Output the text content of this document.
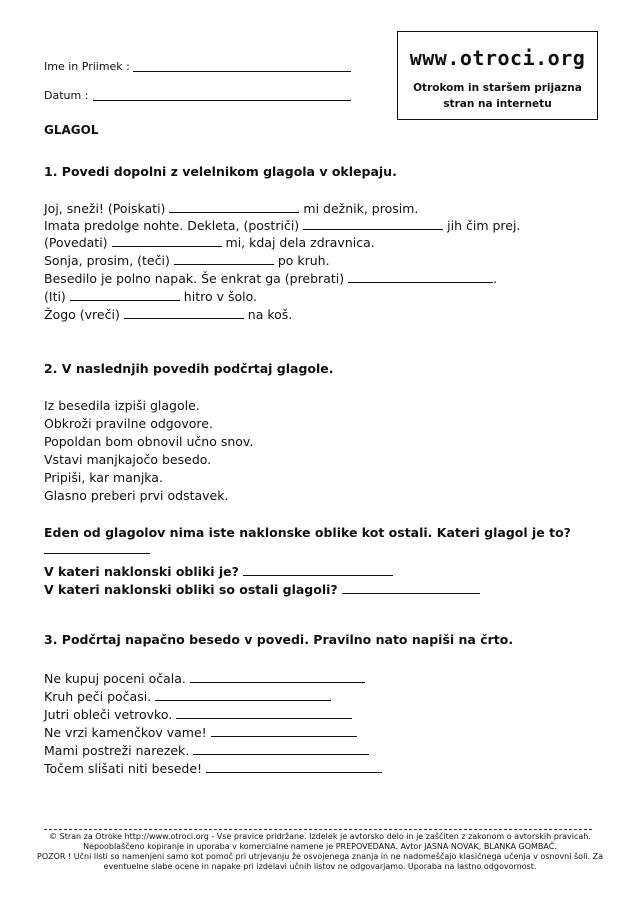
Ime in Priimek :
Datum :
www.otroci.org
Otrokom in staršem prijazna
stran na internetu
GLAGOL
1. Povedi dopolni z velelnikom glagola v oklepaju.
Joj, sneži! (Poiskati)	mi dežnik, prosim.
Imata predolge nohte. Dekleta, (postriči)	jih čim prej.
(Povedati)	mi, kdaj dela zdravnica.
Sonja, prosim, (teči)	po kruh.
Besedilo je polno napak. Še enkrat ga (prebrati)	.
(Iti)	hitro v šolo.
Žogo (vreči)	na koš.
2. V naslednjih povedih podčrtaj glagole.
Iz besedila izpiši glagole.
Obkroži pravilne odgovore.
Popoldan bom obnovil učno snov.
Vstavi manjkajočo besedo.
Pripiši, kar manjka.
Glasno preberi prvi odstavek.
Eden od glagolov nima iste naklonske oblike kot ostali. Kateri glagol je to?
V kateri naklonski obliki je?
V kateri naklonski obliki so ostali glagoli?
3. Podčrtaj napačno besedo v povedi. Pravilno nato napiši na črto.
Ne kupuj poceni očala.
Kruh peči počasi.
Jutri obleči vetrovko.
Ne vrzi kamenčkov vame!
Mami postreži narezek.
Točem slišati niti besede!
© Stran za Otroke http://www.otroci.org - Vse pravice pridržane. Izdelek je avtorsko delo in je zaščiten z zakonom o avtorskih pravicah.
Nepooblaščeno kopiranje in uporaba v komercialne namene je PREPOVEDANA. Avtor JASNA NOVAK, BLANKA GOMBAČ.
POZOR ! Učni listi so namenjeni samo kot pomoč pri utrjevanju že osvojenega znanja in ne nadomeščajo klasičnega učenja v osnovni šoli. Za
eventuelne slabe ocene in napake pri izdelavi učnih listov ne odgovarjamo. Uporaba na lastno odgovornost.
